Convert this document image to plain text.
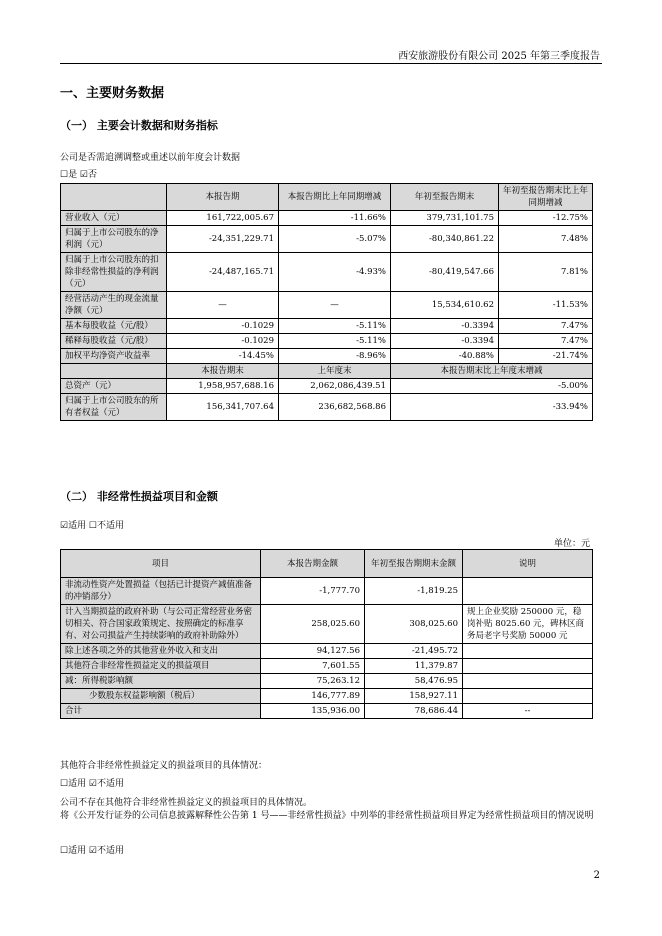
西安旅游股份有限公司 2025 年第三季度报告
一、主要财务数据
（一） 主要会计数据和财务指标
公司是否需追溯调整或重述以前年度会计数据
☐是 ☑否
	本报告期	本报告期比上年同期增减	年初至报告期末	年初至报告期末比上年同期增减
营业收入（元）	161,722,005.67	-11.66%	379,731,101.75	-12.75%
归属于上市公司股东的净利润（元）	-24,351,229.71	-5.07%	-80,340,861.22	7.48%
归属于上市公司股东的扣除非经常性损益的净利润（元）	-24,487,165.71	-4.93%	-80,419,547.66	7.81%
经营活动产生的现金流量净额（元）	—	—	15,534,610.62	-11.53%
基本每股收益（元/股）	-0.1029	-5.11%	-0.3394	7.47%
稀释每股收益（元/股）	-0.1029	-5.11%	-0.3394	7.47%
加权平均净资产收益率	-14.45%	-8.96%	-40.88%	-21.74%
	本报告期末	上年度末	本报告期末比上年度末增减	
总资产（元）	1,958,957,688.16	2,062,086,439.51	-5.00%	
归属于上市公司股东的所有者权益（元）	156,341,707.64	236,682,568.86	-33.94%	
（二） 非经常性损益项目和金额
☑适用 ☐不适用
单位：元
项目	本报告期金额	年初至报告期期末金额	说明
非流动性资产处置损益（包括已计提资产减值准备的冲销部分）	-1,777.70	-1,819.25	
计入当期损益的政府补助（与公司正常经营业务密切相关、符合国家政策规定、按照确定的标准享有、对公司损益产生持续影响的政府补助除外）	258,025.60	308,025.60	规上企业奖励 250000 元，稳岗补贴 8025.60 元，碑林区商务局老字号奖励 50000 元
除上述各项之外的其他营业外收入和支出	94,127.56	-21,495.72	
其他符合非经常性损益定义的损益项目	7,601.55	11,379.87	
减：所得税影响额	75,263.12	58,476.95	
少数股东权益影响额（税后）	146,777.89	158,927.11	
合计	135,936.00	78,686.44	--
其他符合非经常性损益定义的损益项目的具体情况：
☐适用 ☑不适用
公司不存在其他符合非经常性损益定义的损益项目的具体情况。
将《公开发行证券的公司信息披露解释性公告第 1 号——非经常性损益》中列举的非经常性损益项目界定为经常性损益项目的情况说明
☐适用 ☑不适用
2
